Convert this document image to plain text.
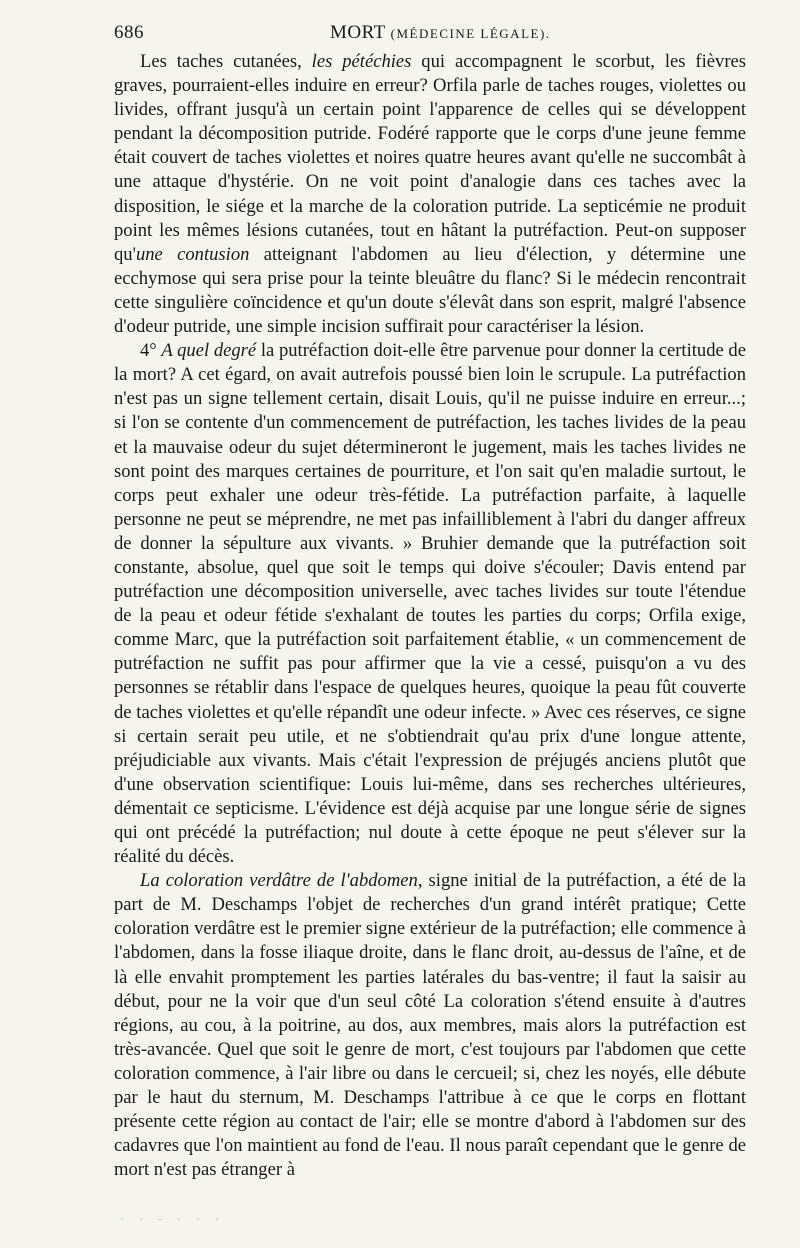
686	MORT (MÉDECINE LÉGALE).

Les taches cutanées, les pétéchies qui accompagnent le scorbut, les fièvres graves, pourraient-elles induire en erreur? Orfila parle de taches rouges, violettes ou livides, offrant jusqu'à un certain point l'apparence de celles qui se développent pendant la décomposition putride. Fodéré rapporte que le corps d'une jeune femme était couvert de taches violettes et noires quatre heures avant qu'elle ne succombât à une attaque d'hystérie. On ne voit point d'analogie dans ces taches avec la disposition, le siége et la marche de la coloration putride. La septicémie ne produit point les mêmes lésions cutanées, tout en hâtant la putréfaction. Peut-on supposer qu'une contusion atteignant l'abdomen au lieu d'élection, y détermine une ecchymose qui sera prise pour la teinte bleuâtre du flanc? Si le médecin rencontrait cette singulière coïncidence et qu'un doute s'élevât dans son esprit, malgré l'absence d'odeur putride, une simple incision suffirait pour caractériser la lésion.

4° A quel degré la putréfaction doit-elle être parvenue pour donner la certitude de la mort? A cet égard, on avait autrefois poussé bien loin le scrupule. La putréfaction n'est pas un signe tellement certain, disait Louis, qu'il ne puisse induire en erreur...; si l'on se contente d'un commencement de putréfaction, les taches livides de la peau et la mauvaise odeur du sujet détermineront le jugement, mais les taches livides ne sont point des marques certaines de pourriture, et l'on sait qu'en maladie surtout, le corps peut exhaler une odeur très-fétide. La putréfaction parfaite, à laquelle personne ne peut se méprendre, ne met pas infailliblement à l'abri du danger affreux de donner la sépulture aux vivants. » Bruhier demande que la putréfaction soit constante, absolue, quel que soit le temps qui doive s'écouler; Davis entend par putréfaction une décomposition universelle, avec taches livides sur toute l'étendue de la peau et odeur fétide s'exhalant de toutes les parties du corps; Orfila exige, comme Marc, que la putréfaction soit parfaitement établie, « un commencement de putréfaction ne suffit pas pour affirmer que la vie a cessé, puisqu'on a vu des personnes se rétablir dans l'espace de quelques heures, quoique la peau fût couverte de taches violettes et qu'elle répandît une odeur infecte. » Avec ces réserves, ce signe si certain serait peu utile, et ne s'obtiendrait qu'au prix d'une longue attente, préjudiciable aux vivants. Mais c'était l'expression de préjugés anciens plutôt que d'une observation scientifique: Louis lui-même, dans ses recherches ultérieures, démentait ce septicisme. L'évidence est déjà acquise par une longue série de signes qui ont précédé la putréfaction; nul doute à cette époque ne peut s'élever sur la réalité du décès.

La coloration verdâtre de l'abdomen, signe initial de la putréfaction, a été de la part de M. Deschamps l'objet de recherches d'un grand intérêt pratique; Cette coloration verdâtre est le premier signe extérieur de la putréfaction; elle commence à l'abdomen, dans la fosse iliaque droite, dans le flanc droit, au-dessus de l'aîne, et de là elle envahit promptement les parties latérales du bas-ventre; il faut la saisir au début, pour ne la voir que d'un seul côté La coloration s'étend ensuite à d'autres régions, au cou, à la poitrine, au dos, aux membres, mais alors la putréfaction est très-avancée. Quel que soit le genre de mort, c'est toujours par l'abdomen que cette coloration commence, à l'air libre ou dans le cercueil; si, chez les noyés, elle débute par le haut du sternum, M. Deschamps l'attribue à ce que le corps en flottant présente cette région au contact de l'air; elle se montre d'abord à l'abdomen sur des cadavres que l'on maintient au fond de l'eau. Il nous paraît cependant que le genre de mort n'est pas étranger à

· · · · · ·
